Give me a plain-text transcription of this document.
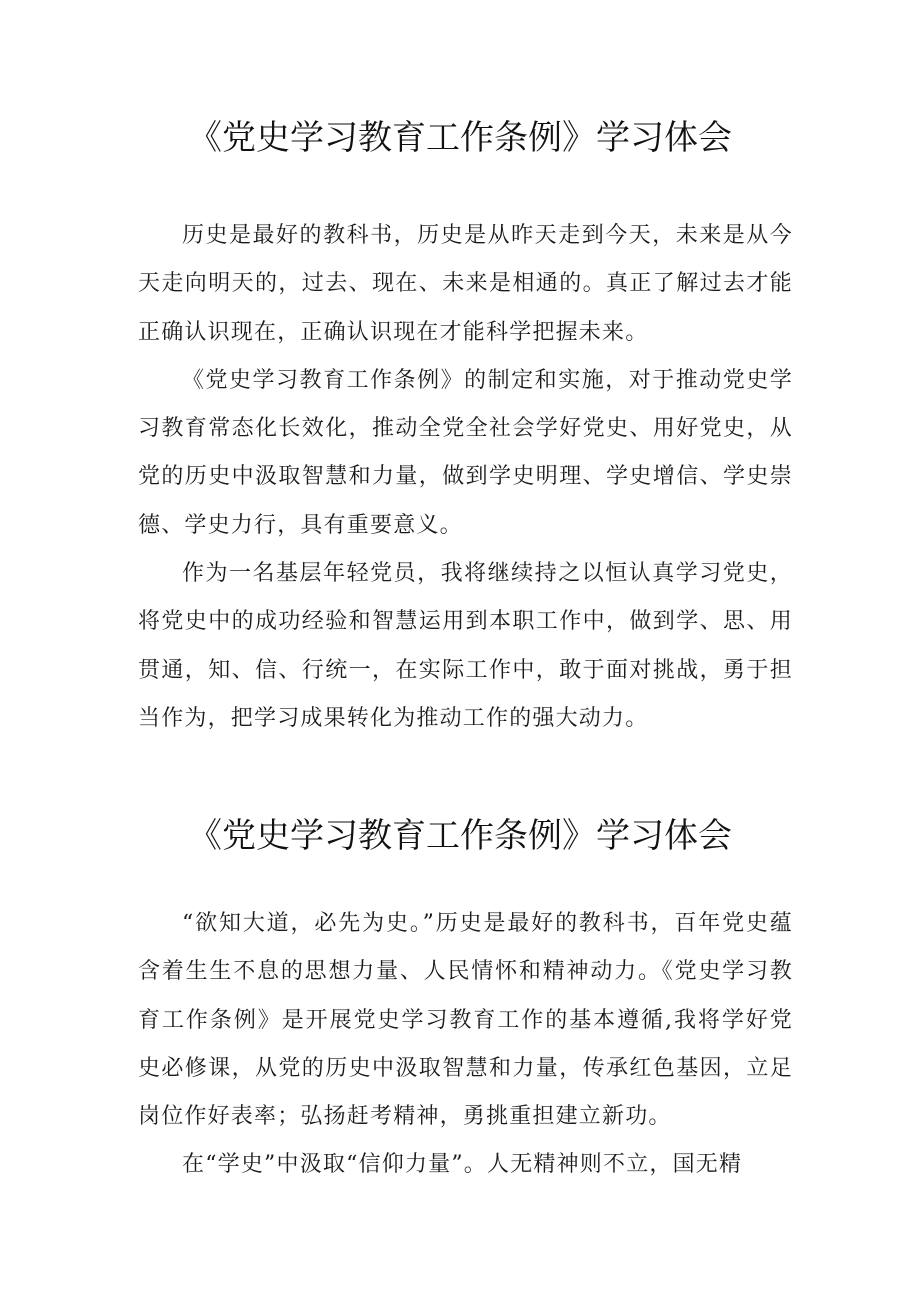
《党史学习教育工作条例》学习体会

历史是最好的教科书，历史是从昨天走到今天，未来是从今天走向明天的，过去、现在、未来是相通的。真正了解过去才能正确认识现在，正确认识现在才能科学把握未来。

《党史学习教育工作条例》的制定和实施，对于推动党史学习教育常态化长效化，推动全党全社会学好党史、用好党史，从党的历史中汲取智慧和力量，做到学史明理、学史增信、学史崇德、学史力行，具有重要意义。

作为一名基层年轻党员，我将继续持之以恒认真学习党史，将党史中的成功经验和智慧运用到本职工作中，做到学、思、用贯通，知、信、行统一，在实际工作中，敢于面对挑战，勇于担当作为，把学习成果转化为推动工作的强大动力。

《党史学习教育工作条例》学习体会

“欲知大道，必先为史。”历史是最好的教科书，百年党史蕴含着生生不息的思想力量、人民情怀和精神动力。《党史学习教育工作条例》是开展党史学习教育工作的基本遵循,我将学好党史必修课，从党的历史中汲取智慧和力量，传承红色基因，立足岗位作好表率；弘扬赶考精神，勇挑重担建立新功。

在“学史”中汲取“信仰力量”。人无精神则不立，国无精
